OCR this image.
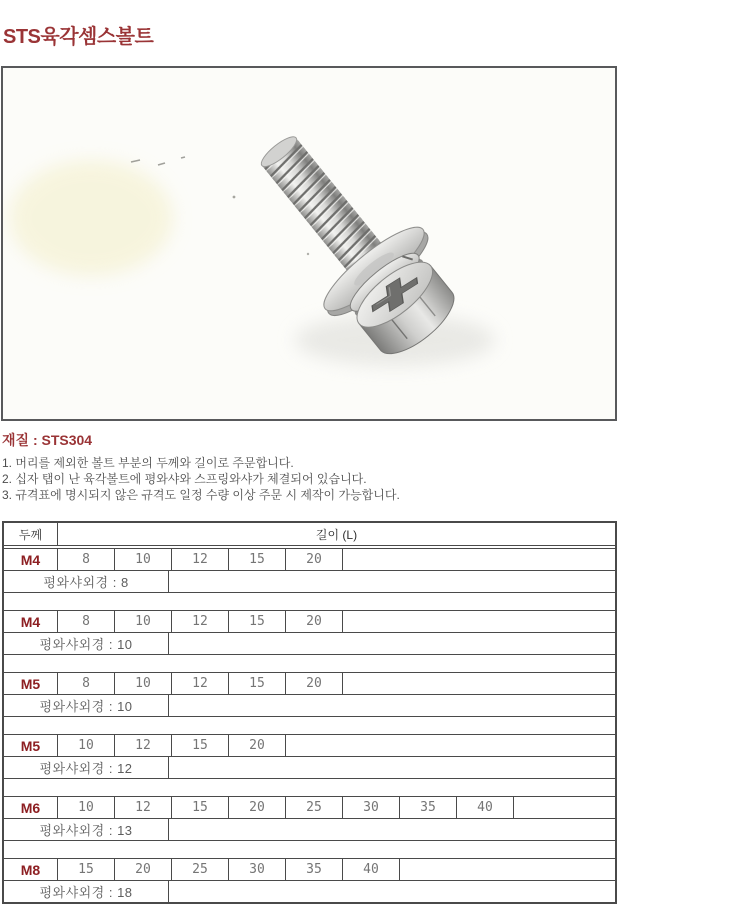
STS육각셈스볼트
재질 : STS304
1. 머리를 제외한 볼트 부분의 두께와 길이로 주문합니다.
2. 십자 탭이 난 육각볼트에 평와샤와 스프링와샤가 체결되어 있습니다.
3. 규격표에 명시되지 않은 규격도 일정 수량 이상 주문 시 제작이 가능합니다.
두께	길이 (L)
M4	8	10	12	15	20
평와샤외경 : 8
M4	8	10	12	15	20
평와샤외경 : 10
M5	8	10	12	15	20
평와샤외경 : 10
M5	10	12	15	20
평와샤외경 : 12
M6	10	12	15	20	25	30	35	40
평와샤외경 : 13
M8	15	20	25	30	35	40
평와샤외경 : 18
